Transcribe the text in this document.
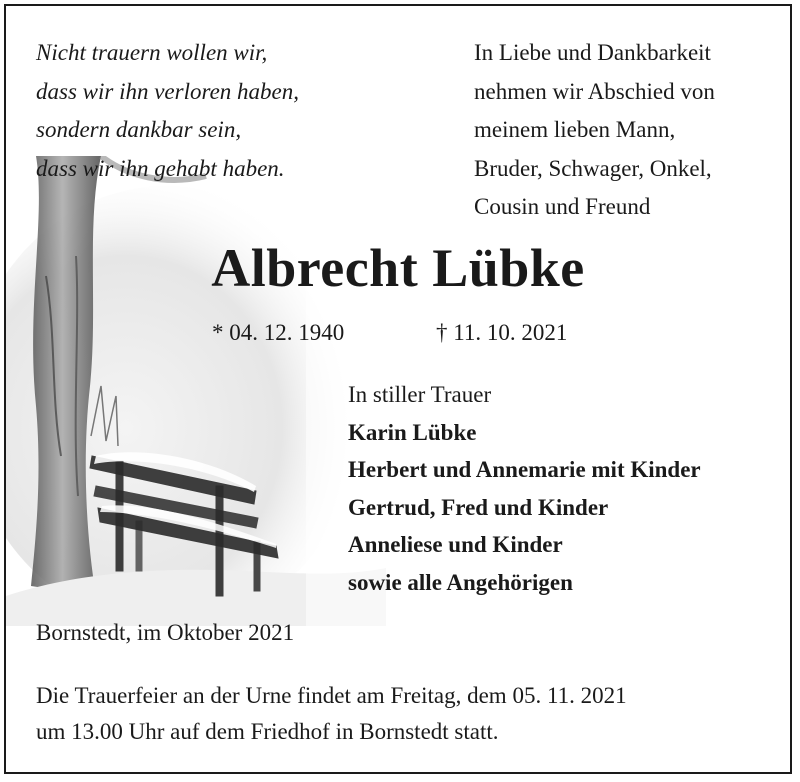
Nicht trauern wollen wir,
dass wir ihn verloren haben,
sondern dankbar sein,
dass wir ihn gehabt haben.
In Liebe und Dankbarkeit
nehmen wir Abschied von
meinem lieben Mann,
Bruder, Schwager, Onkel,
Cousin und Freund
Albrecht Lübke
* 04. 12. 1940	† 11. 10. 2021
In stiller Trauer
Karin Lübke
Herbert und Annemarie mit Kinder
Gertrud, Fred und Kinder
Anneliese und Kinder
sowie alle Angehörigen
Bornstedt, im Oktober 2021
Die Trauerfeier an der Urne findet am Freitag, dem 05. 11. 2021
um 13.00 Uhr auf dem Friedhof in Bornstedt statt.
